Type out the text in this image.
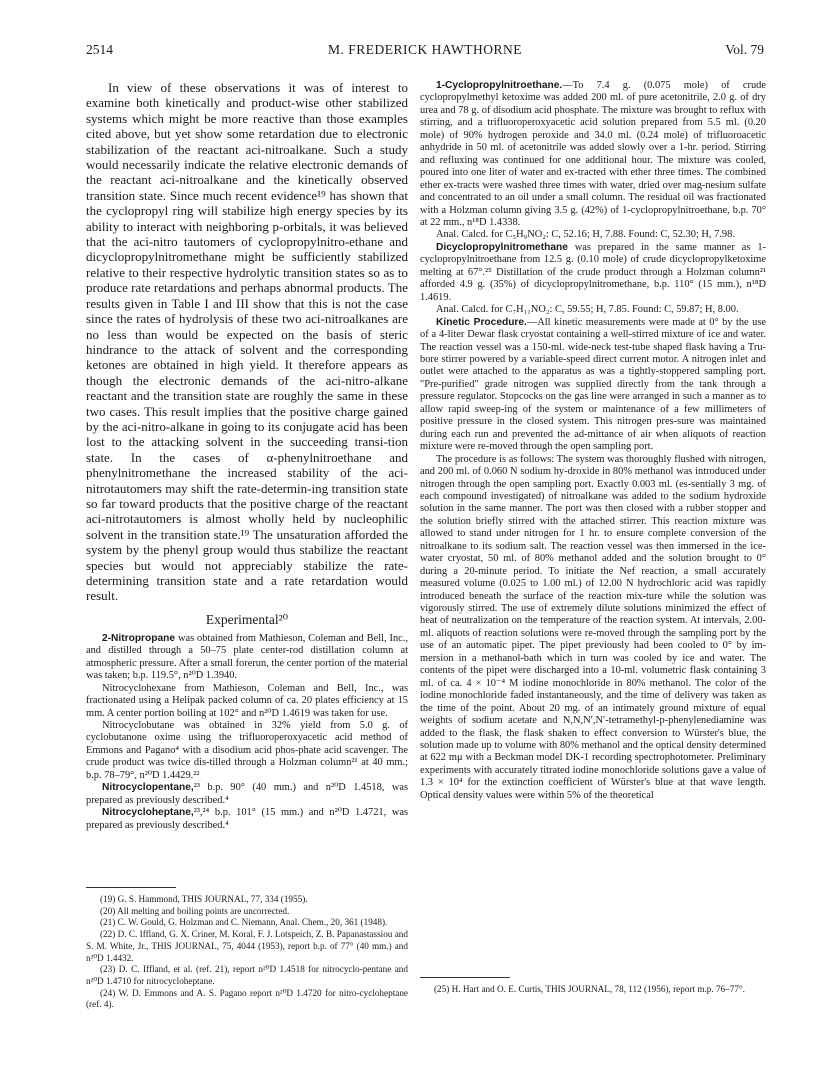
2514	M. FREDERICK HAWTHORNE	Vol. 79

In view of these observations it was of interest to examine both kinetically and product-wise other stabilized systems which might be more reactive than those examples cited above, but yet show some retardation due to electronic stabilization of the reactant aci-nitroalkane. Such a study would necessarily indicate the relative electronic demands of the reactant aci-nitroalkane and the kinetically observed transition state. Since much recent evidence¹⁹ has shown that the cyclopropyl ring will stabilize high energy species by its ability to interact with neighboring p-orbitals, it was believed that the aci-nitro tautomers of cyclopropylnitro-ethane and dicyclopropylnitromethane might be sufficiently stabilized relative to their respective hydrolytic transition states so as to produce rate retardations and perhaps abnormal products. The results given in Table I and III show that this is not the case since the rates of hydrolysis of these two aci-nitroalkanes are no less than would be expected on the basis of steric hindrance to the attack of solvent and the corresponding ketones are obtained in high yield. It therefore appears as though the electronic demands of the aci-nitro-alkane reactant and the transition state are roughly the same in these two cases. This result implies that the positive charge gained by the aci-nitro-alkane in going to its conjugate acid has been lost to the attacking solvent in the succeeding transi-tion state. In the cases of α-phenylnitroethane and phenylnitromethane the increased stability of the aci-nitrotautomers may shift the rate-determin-ing transition state so far toward products that the positive charge of the reactant aci-nitrotautomers is almost wholly held by nucleophilic solvent in the transition state.¹⁹ The unsaturation afforded the system by the phenyl group would thus stabilize the reactant species but would not appreciably stabilize the rate-determining transition state and a rate retardation would result.

Experimental²⁰

2-Nitropropane was obtained from Mathieson, Coleman and Bell, Inc., and distilled through a 50–75 plate center-rod distillation column at atmospheric pressure. After a small forerun, the center portion of the material was taken; b.p. 119.5°, n²⁰D 1.3940.

Nitrocyclohexane from Mathieson, Coleman and Bell, Inc., was fractionated using a Helipak packed column of ca. 20 plates efficiency at 15 mm. A center portion boiling at 102° and n²⁰D 1.4619 was taken for use.

Nitrocyclobutane was obtained in 32% yield from 5.0 g. of cyclobutanone oxime using the trifluoroperoxyacetic acid method of Emmons and Pagano⁴ with a disodium acid phos-phate acid scavenger. The crude product was twice dis-tilled through a Holzman column²¹ at 40 mm.; b.p. 78–79°, n²⁰D 1.4429.²²

Nitrocyclopentane,²³ b.p. 90° (40 mm.) and n²⁰D 1.4518, was prepared as previously described.⁴

Nitrocycloheptane,²³,²⁴ b.p. 101° (15 mm.) and n²⁰D 1.4721, was prepared as previously described.⁴

(19) G. S. Hammond, THIS JOURNAL, 77, 334 (1955).

(20) All melting and boiling points are uncorrected.

(21) C. W. Gould, G. Holzman and C. Niemann, Anal. Chem., 20, 361 (1948).

(22) D. C. Iffland, G. X. Criner, M. Koral, F. J. Lotspeich, Z. B. Papanastassiou and S. M. White, Jr., THIS JOURNAL, 75, 4044 (1953), report b.p. of 77° (40 mm.) and n²⁰D 1.4432.

(23) D. C. Iffland, et al. (ref. 21), report n²⁰D 1.4518 for nitrocyclo-pentane and n²⁰D 1.4710 for nitrocycloheptane.

(24) W. D. Emmons and A. S. Pagano report n²⁰D 1.4720 for nitro-cycloheptane (ref. 4).

1-Cyclopropylnitroethane.—To 7.4 g. (0.075 mole) of crude cyclopropylmethyl ketoxime was added 200 ml. of pure acetonitrile, 2.0 g. of dry urea and 78 g. of disodium acid phosphate. The mixture was brought to reflux with stirring, and a trifluoroperoxyacetic acid solution prepared from 5.5 ml. (0.20 mole) of 90% hydrogen peroxide and 34.0 ml. (0.24 mole) of trifluoroacetic anhydride in 50 ml. of acetonitrile was added slowly over a 1-hr. period. Stirring and refluxing was continued for one additional hour. The mixture was cooled, poured into one liter of water and ex-tracted with ether three times. The combined ether ex-tracts were washed three times with water, dried over mag-nesium sulfate and concentrated to an oil under a small column. The residual oil was fractionated with a Holzman column giving 3.5 g. (42%) of 1-cyclopropylnitroethane, b.p. 70° at 22 mm., n¹⁸D 1.4338.

Anal. Calcd. for C₅H₉NO₂: C, 52.16; H, 7.88. Found: C, 52.30; H, 7.98.

Dicyclopropylnitromethane was prepared in the same manner as 1-cyclopropylnitroethane from 12.5 g. (0.10 mole) of crude dicyclopropylketoxime melting at 67°.²⁵ Distillation of the crude product through a Holzman column²¹ afforded 4.9 g. (35%) of dicyclopropylnitromethane, b.p. 110° (15 mm.), n¹⁸D 1.4619.

Anal. Calcd. for C₇H₁₁NO₂: C, 59.55; H, 7.85. Found: C, 59.87; H, 8.00.

Kinetic Procedure.—All kinetic measurements were made at 0° by the use of a 4-liter Dewar flask cryostat containing a well-stirred mixture of ice and water. The reaction vessel was a 150-ml. wide-neck test-tube shaped flask having a Tru-bore stirrer powered by a variable-speed direct current motor. A nitrogen inlet and outlet were attached to the apparatus as was a tightly-stoppered sampling port. "Pre-purified" grade nitrogen was supplied directly from the tank through a pressure regulator. Stopcocks on the gas line were arranged in such a manner as to allow rapid sweep-ing of the system or maintenance of a few millimeters of positive pressure in the closed system. This nitrogen pres-sure was maintained during each run and prevented the ad-mittance of air when aliquots of reaction mixture were re-moved through the open sampling port.

The procedure is as follows: The system was thoroughly flushed with nitrogen, and 200 ml. of 0.060 N sodium hy-droxide in 80% methanol was introduced under nitrogen through the open sampling port. Exactly 0.003 ml. (es-sentially 3 mg. of each compound investigated) of nitroalkane was added to the sodium hydroxide solution in the same manner. The port was then closed with a rubber stopper and the solution briefly stirred with the attached stirrer. This reaction mixture was allowed to stand under nitrogen for 1 hr. to ensure complete conversion of the nitroalkane to its sodium salt. The reaction vessel was then immersed in the ice-water cryostat, 50 ml. of 80% methanol added and the solution brought to 0° during a 20-minute period. To initiate the Nef reaction, a small accurately measured volume (0.025 to 1.00 ml.) of 12.00 N hydrochloric acid was rapidly introduced beneath the surface of the reaction mix-ture while the solution was vigorously stirred. The use of extremely dilute solutions minimized the effect of heat of neutralization on the temperature of the reaction system. At intervals, 2.00-ml. aliquots of reaction solutions were re-moved through the sampling port by the use of an automatic pipet. The pipet previously had been cooled to 0° by im-mersion in a methanol-bath which in turn was cooled by ice and water. The contents of the pipet were discharged into a 10-ml. volumetric flask containing 3 ml. of ca. 4 × 10⁻⁴ M iodine monochloride in 80% methanol. The color of the iodine monochloride faded instantaneously, and the time of delivery was taken as the time of the point. About 20 mg. of an intimately ground mixture of equal weights of sodium acetate and N,N,N′,N′-tetramethyl-p-phenylenediamine was added to the flask, the flask shaken to effect conversion to Würster's blue, the solution made up to volume with 80% methanol and the optical density determined at 622 mμ with a Beckman model DK-1 recording spectrophotometer. Preliminary experiments with accurately titrated iodine monochloride solutions gave a value of 1.3 × 10⁴ for the extinction coefficient of Würster's blue at that wave length. Optical density values were within 5% of the theoretical

(25) H. Hart and O. E. Curtis, THIS JOURNAL, 78, 112 (1956), report m.p. 76–77°.
